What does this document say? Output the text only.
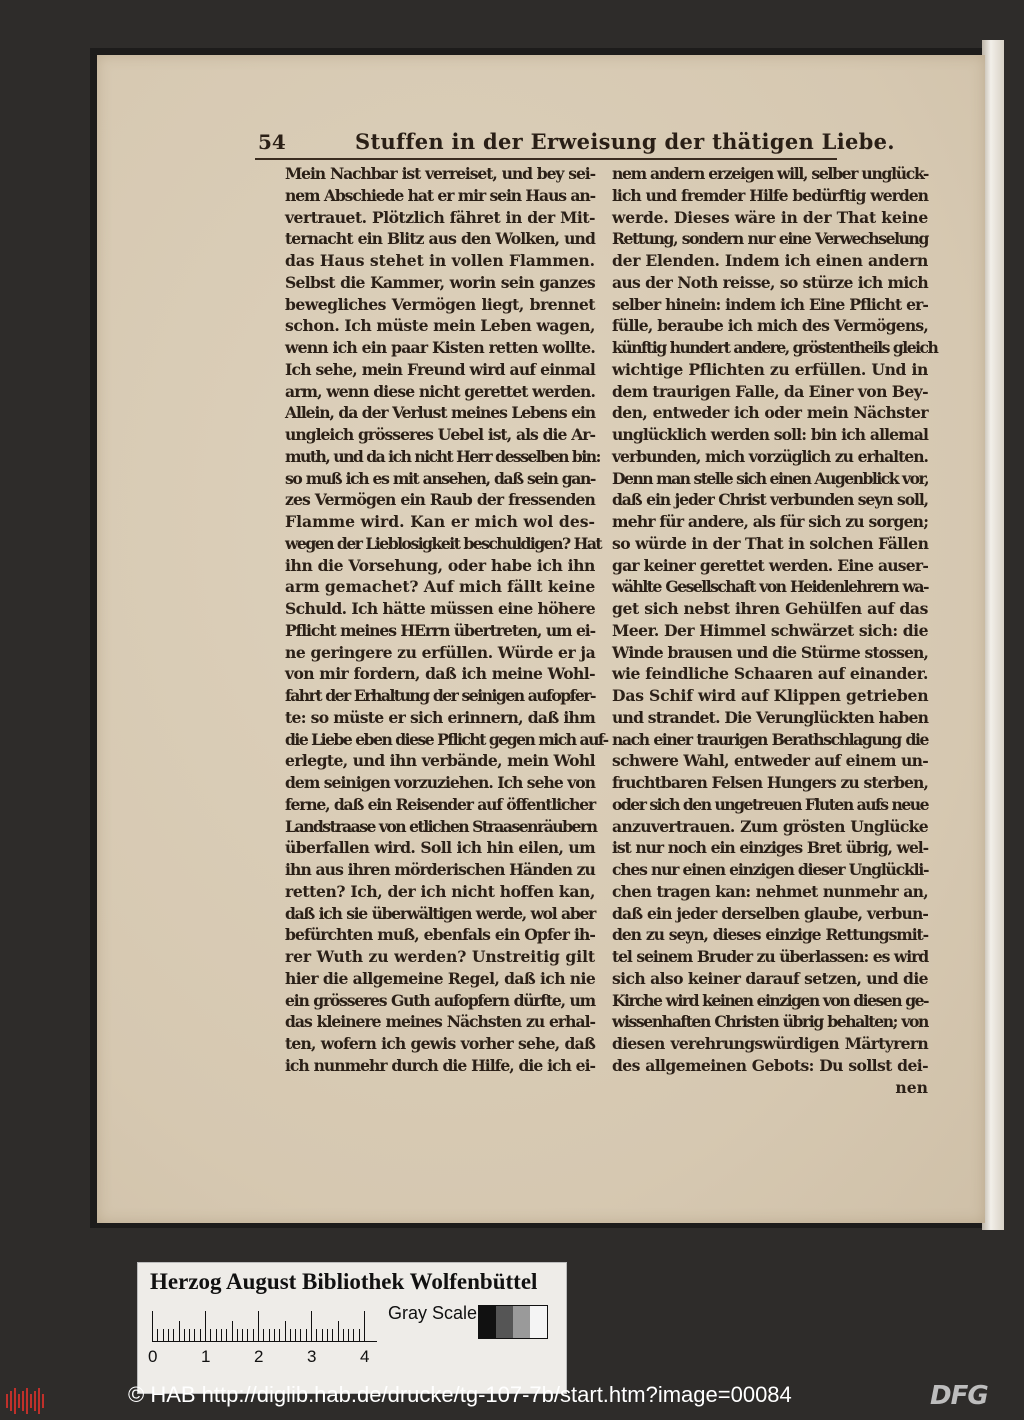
54	Stuffen in der Erweisung der thätigen Liebe.
Mein Nachbar ist verreiset, und bey sei-
nem Abschiede hat er mir sein Haus an-
vertrauet. Plötzlich fähret in der Mit-
ternacht ein Blitz aus den Wolken, und
das Haus stehet in vollen Flammen.
Selbst die Kammer, worin sein ganzes
bewegliches Vermögen liegt, brennet
schon. Ich müste mein Leben wagen,
wenn ich ein paar Kisten retten wollte.
Ich sehe, mein Freund wird auf einmal
arm, wenn diese nicht gerettet werden.
Allein, da der Verlust meines Lebens ein
ungleich grösseres Uebel ist, als die Ar-
muth, und da ich nicht Herr desselben bin:
so muß ich es mit ansehen, daß sein gan-
zes Vermögen ein Raub der fressenden
Flamme wird. Kan er mich wol des-
wegen der Lieblosigkeit beschuldigen? Hat
ihn die Vorsehung, oder habe ich ihn
arm gemachet? Auf mich fällt keine
Schuld. Ich hätte müssen eine höhere
Pflicht meines HErrn übertreten, um ei-
ne geringere zu erfüllen. Würde er ja
von mir fordern, daß ich meine Wohl-
fahrt der Erhaltung der seinigen aufopfer-
te: so müste er sich erinnern, daß ihm
die Liebe eben diese Pflicht gegen mich auf-
erlegte, und ihn verbände, mein Wohl
dem seinigen vorzuziehen. Ich sehe von
ferne, daß ein Reisender auf öffentlicher
Landstraase von etlichen Straasenräubern
überfallen wird. Soll ich hin eilen, um
ihn aus ihren mörderischen Händen zu
retten? Ich, der ich nicht hoffen kan,
daß ich sie überwältigen werde, wol aber
befürchten muß, ebenfals ein Opfer ih-
rer Wuth zu werden? Unstreitig gilt
hier die allgemeine Regel, daß ich nie
ein grösseres Guth aufopfern dürfte, um
das kleinere meines Nächsten zu erhal-
ten, wofern ich gewis vorher sehe, daß
ich nunmehr durch die Hilfe, die ich ei-
nem andern erzeigen will, selber unglück-
lich und fremder Hilfe bedürftig werden
werde. Dieses wäre in der That keine
Rettung, sondern nur eine Verwechselung
der Elenden. Indem ich einen andern
aus der Noth reisse, so stürze ich mich
selber hinein: indem ich Eine Pflicht er-
fülle, beraube ich mich des Vermögens,
künftig hundert andere, gröstentheils gleich
wichtige Pflichten zu erfüllen. Und in
dem traurigen Falle, da Einer von Bey-
den, entweder ich oder mein Nächster
unglücklich werden soll: bin ich allemal
verbunden, mich vorzüglich zu erhalten.
Denn man stelle sich einen Augenblick vor,
daß ein jeder Christ verbunden seyn soll,
mehr für andere, als für sich zu sorgen;
so würde in der That in solchen Fällen
gar keiner gerettet werden. Eine auser-
wählte Gesellschaft von Heidenlehrern wa-
get sich nebst ihren Gehülfen auf das
Meer. Der Himmel schwärzet sich: die
Winde brausen und die Stürme stossen,
wie feindliche Schaaren auf einander.
Das Schif wird auf Klippen getrieben
und strandet. Die Verunglückten haben
nach einer traurigen Berathschlagung die
schwere Wahl, entweder auf einem un-
fruchtbaren Felsen Hungers zu sterben,
oder sich den ungetreuen Fluten aufs neue
anzuvertrauen. Zum grösten Unglücke
ist nur noch ein einziges Bret übrig, wel-
ches nur einen einzigen dieser Unglückli-
chen tragen kan: nehmet nunmehr an,
daß ein jeder derselben glaube, verbun-
den zu seyn, dieses einzige Rettungsmit-
tel seinem Bruder zu überlassen: es wird
sich also keiner darauf setzen, und die
Kirche wird keinen einzigen von diesen ge-
wissenhaften Christen übrig behalten; von
diesen verehrungswürdigen Märtyrern
des allgemeinen Gebots: Du sollst dei-
nen
Herzog August Bibliothek Wolfenbüttel
0	1	2	3	4
Gray Scale
© HAB http://diglib.hab.de/drucke/tg-107-7b/start.htm?image=00084	DFG
